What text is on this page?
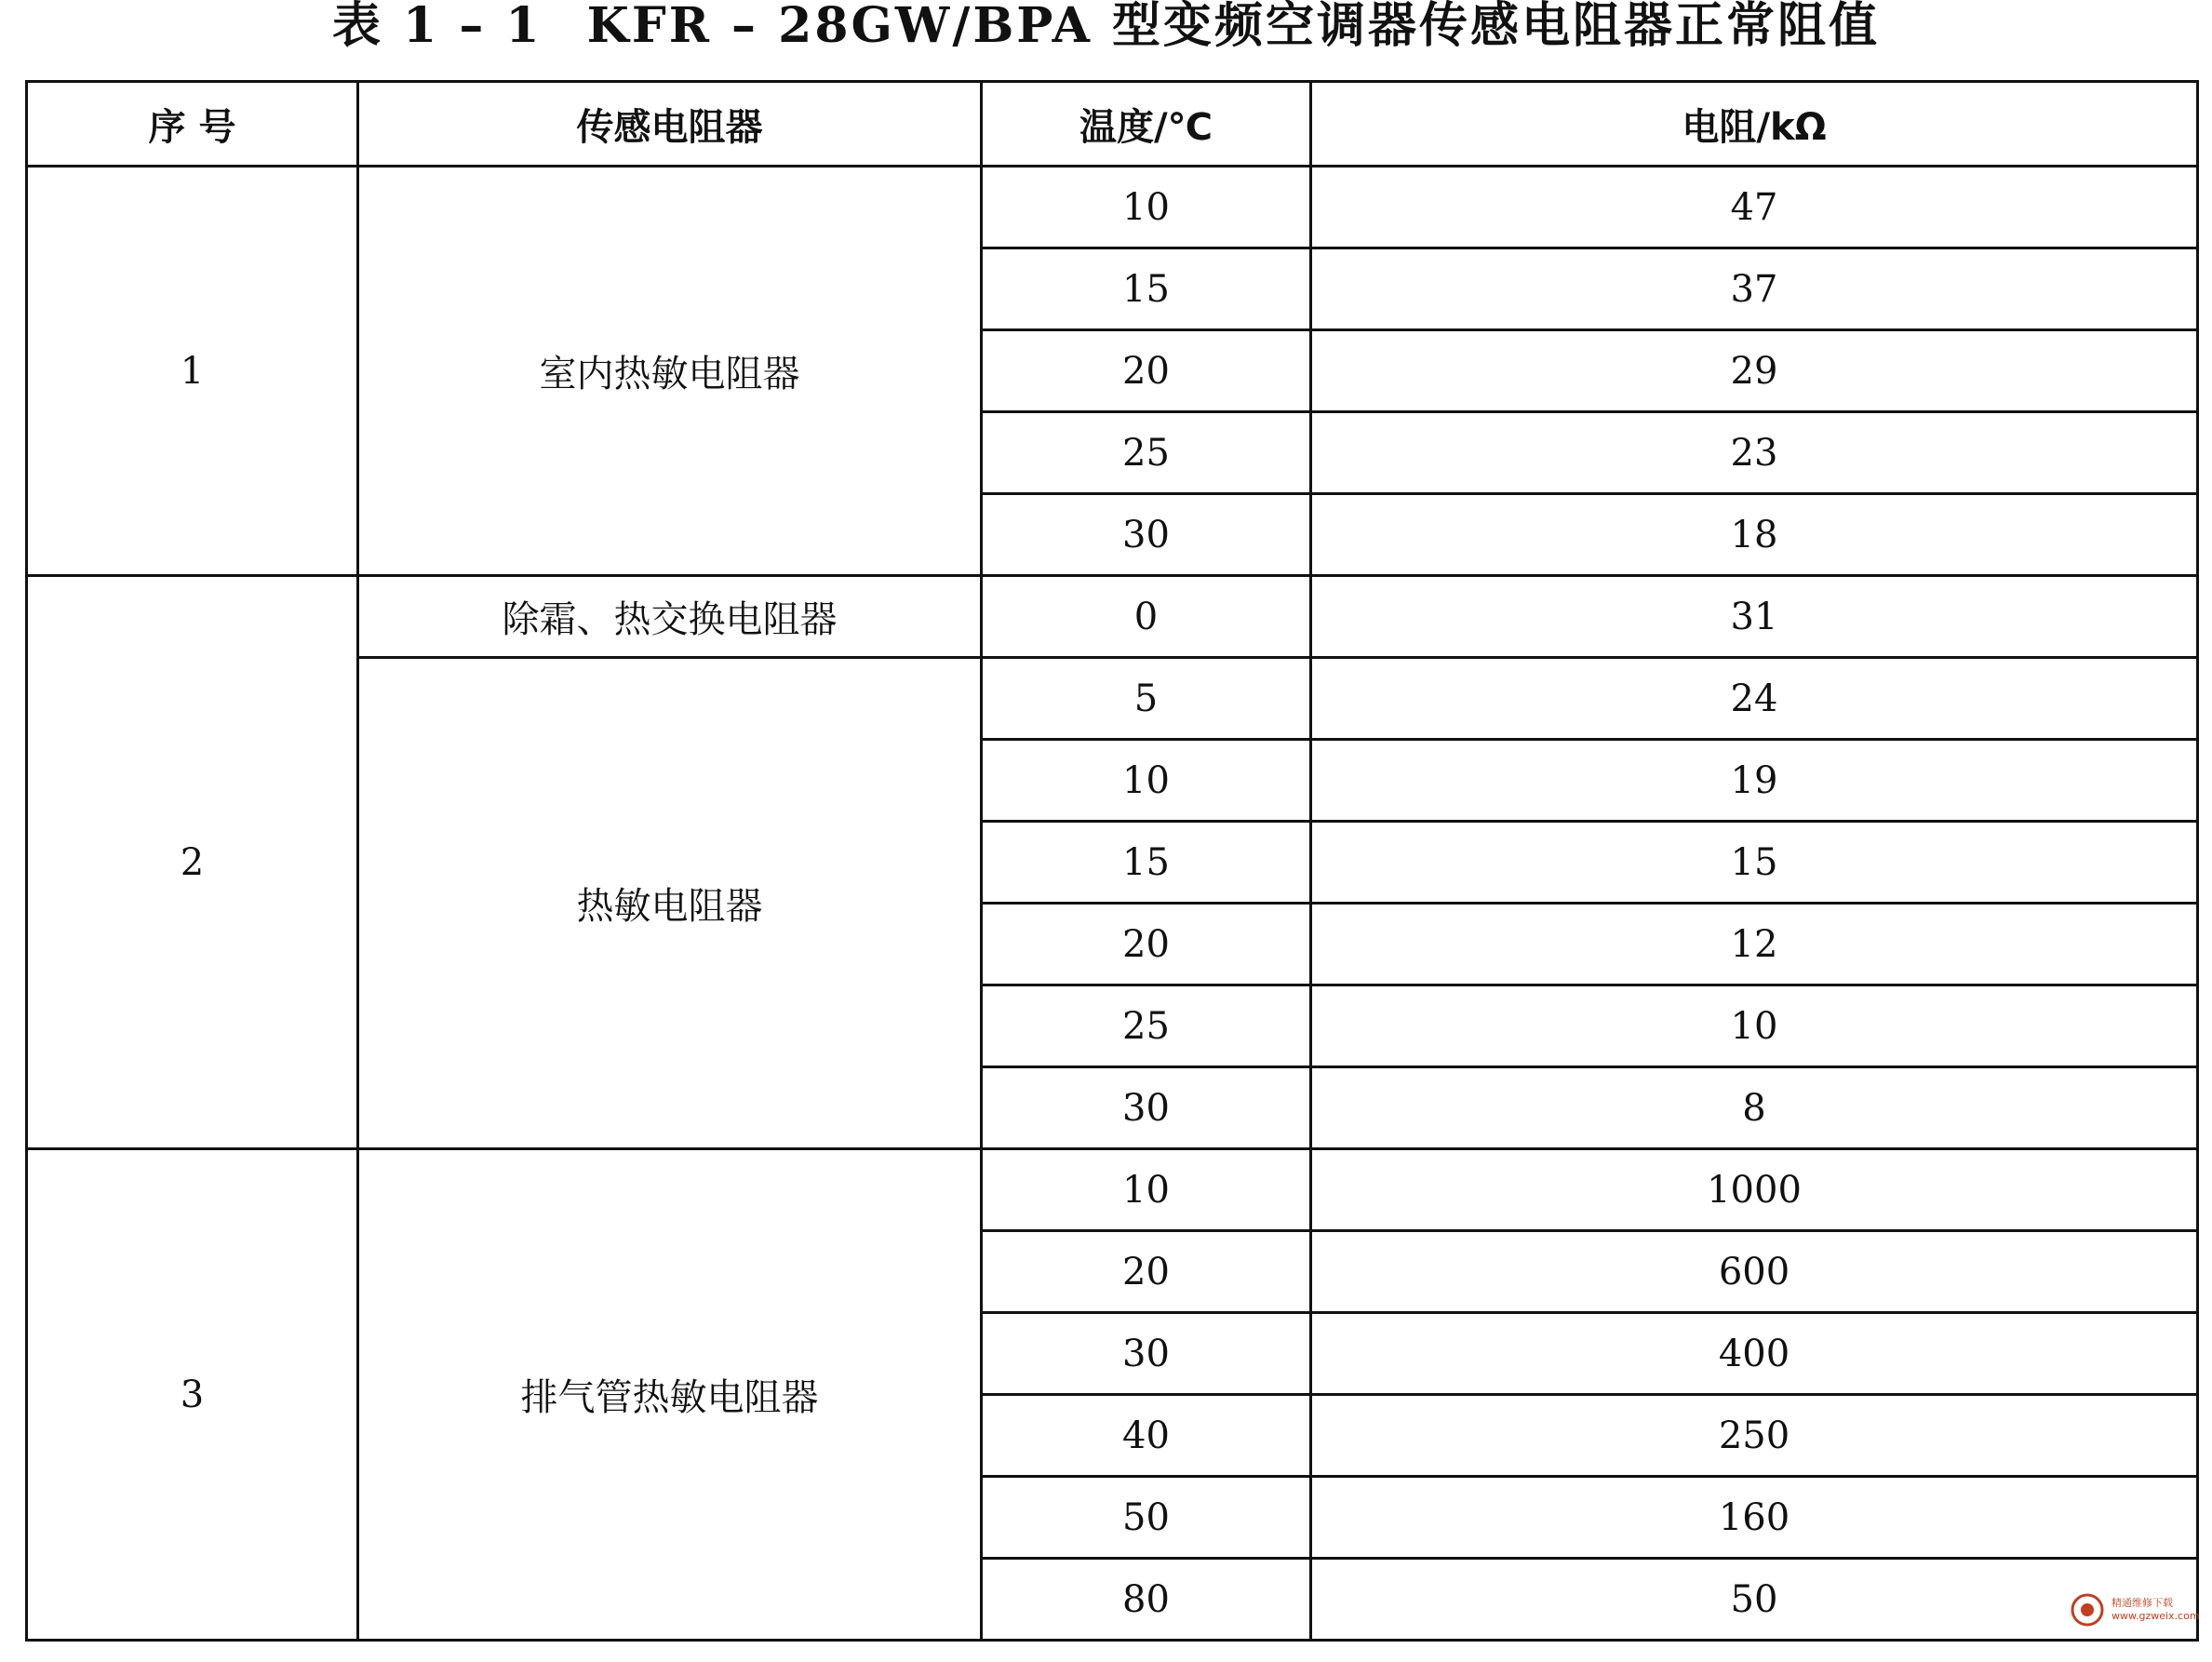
表 1 – 1 KFR – 28GW/BPA 型变频空调器传感电阻器正常阻值
序 号	传感电阻器	温度/℃	电阻/kΩ
1	室内热敏电阻器	10	47
		15	37
		20	29
		25	23
		30	18
2	除霜、热交换电阻器	0	31
	热敏电阻器	5	24
		10	19
		15	15
		20	12
		25	10
		30	8
3	排气管热敏电阻器	10	1000
		20	600
		30	400
		40	250
		50	160
		80	50	精通维修下载
www.gzweix.com
